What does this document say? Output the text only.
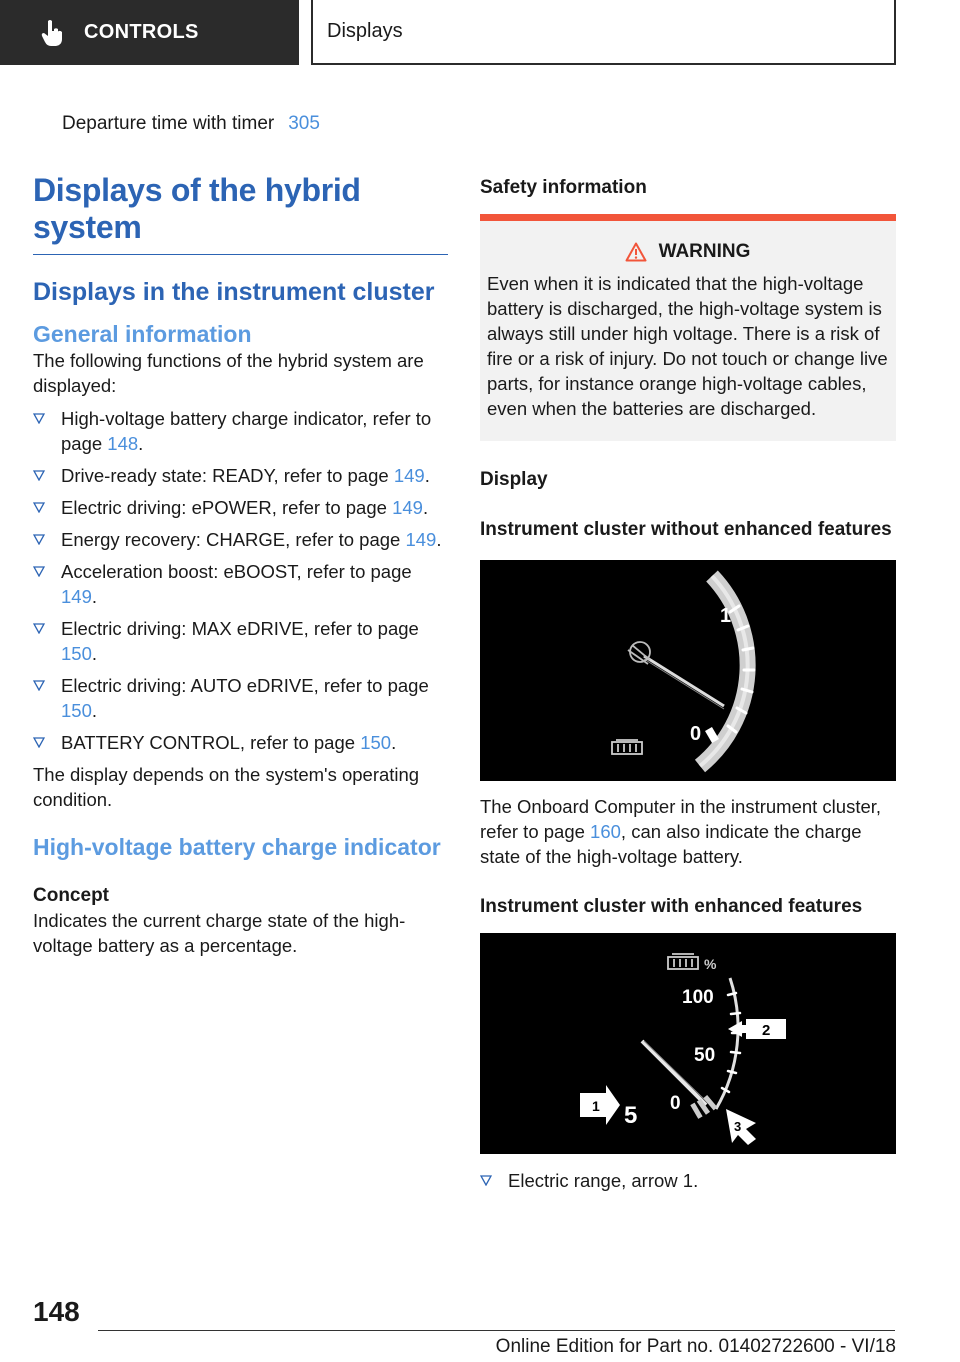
CONTROLS	Displays
Departure time with timer 305
Displays of the hybrid system
Displays in the instrument cluster
General information

The following functions of the hybrid system are displayed:

High-voltage battery charge indicator, refer to page 148.
Drive-ready state: READY, refer to page 149.
Electric driving: ePOWER, refer to page 149.
Energy recovery: CHARGE, refer to page 149.
Acceleration boost: eBOOST, refer to page 149.
Electric driving: MAX eDRIVE, refer to page 150.
Electric driving: AUTO eDRIVE, refer to page 150.
BATTERY CONTROL, refer to page 150.

The display depends on the system's operating condition.

High-voltage battery charge indicator
Concept

Indicates the current charge state of the high-voltage battery as a percentage.

Safety information
WARNING

Even when it is indicated that the high-voltage battery is discharged, the high-voltage system is always still under high voltage. There is a risk of fire or a risk of injury. Do not touch or change live parts, for instance orange high-voltage cables, even when the batteries are discharged.

Display
Instrument cluster without enhanced features
1
0

The Onboard Computer in the instrument cluster, refer to page 160, can also indicate the charge state of the high-voltage battery.

Instrument cluster with enhanced features
%
100
50
0
2
1 5	3
Electric range, arrow 1.
148
Online Edition for Part no. 01402722600 - VI/18
